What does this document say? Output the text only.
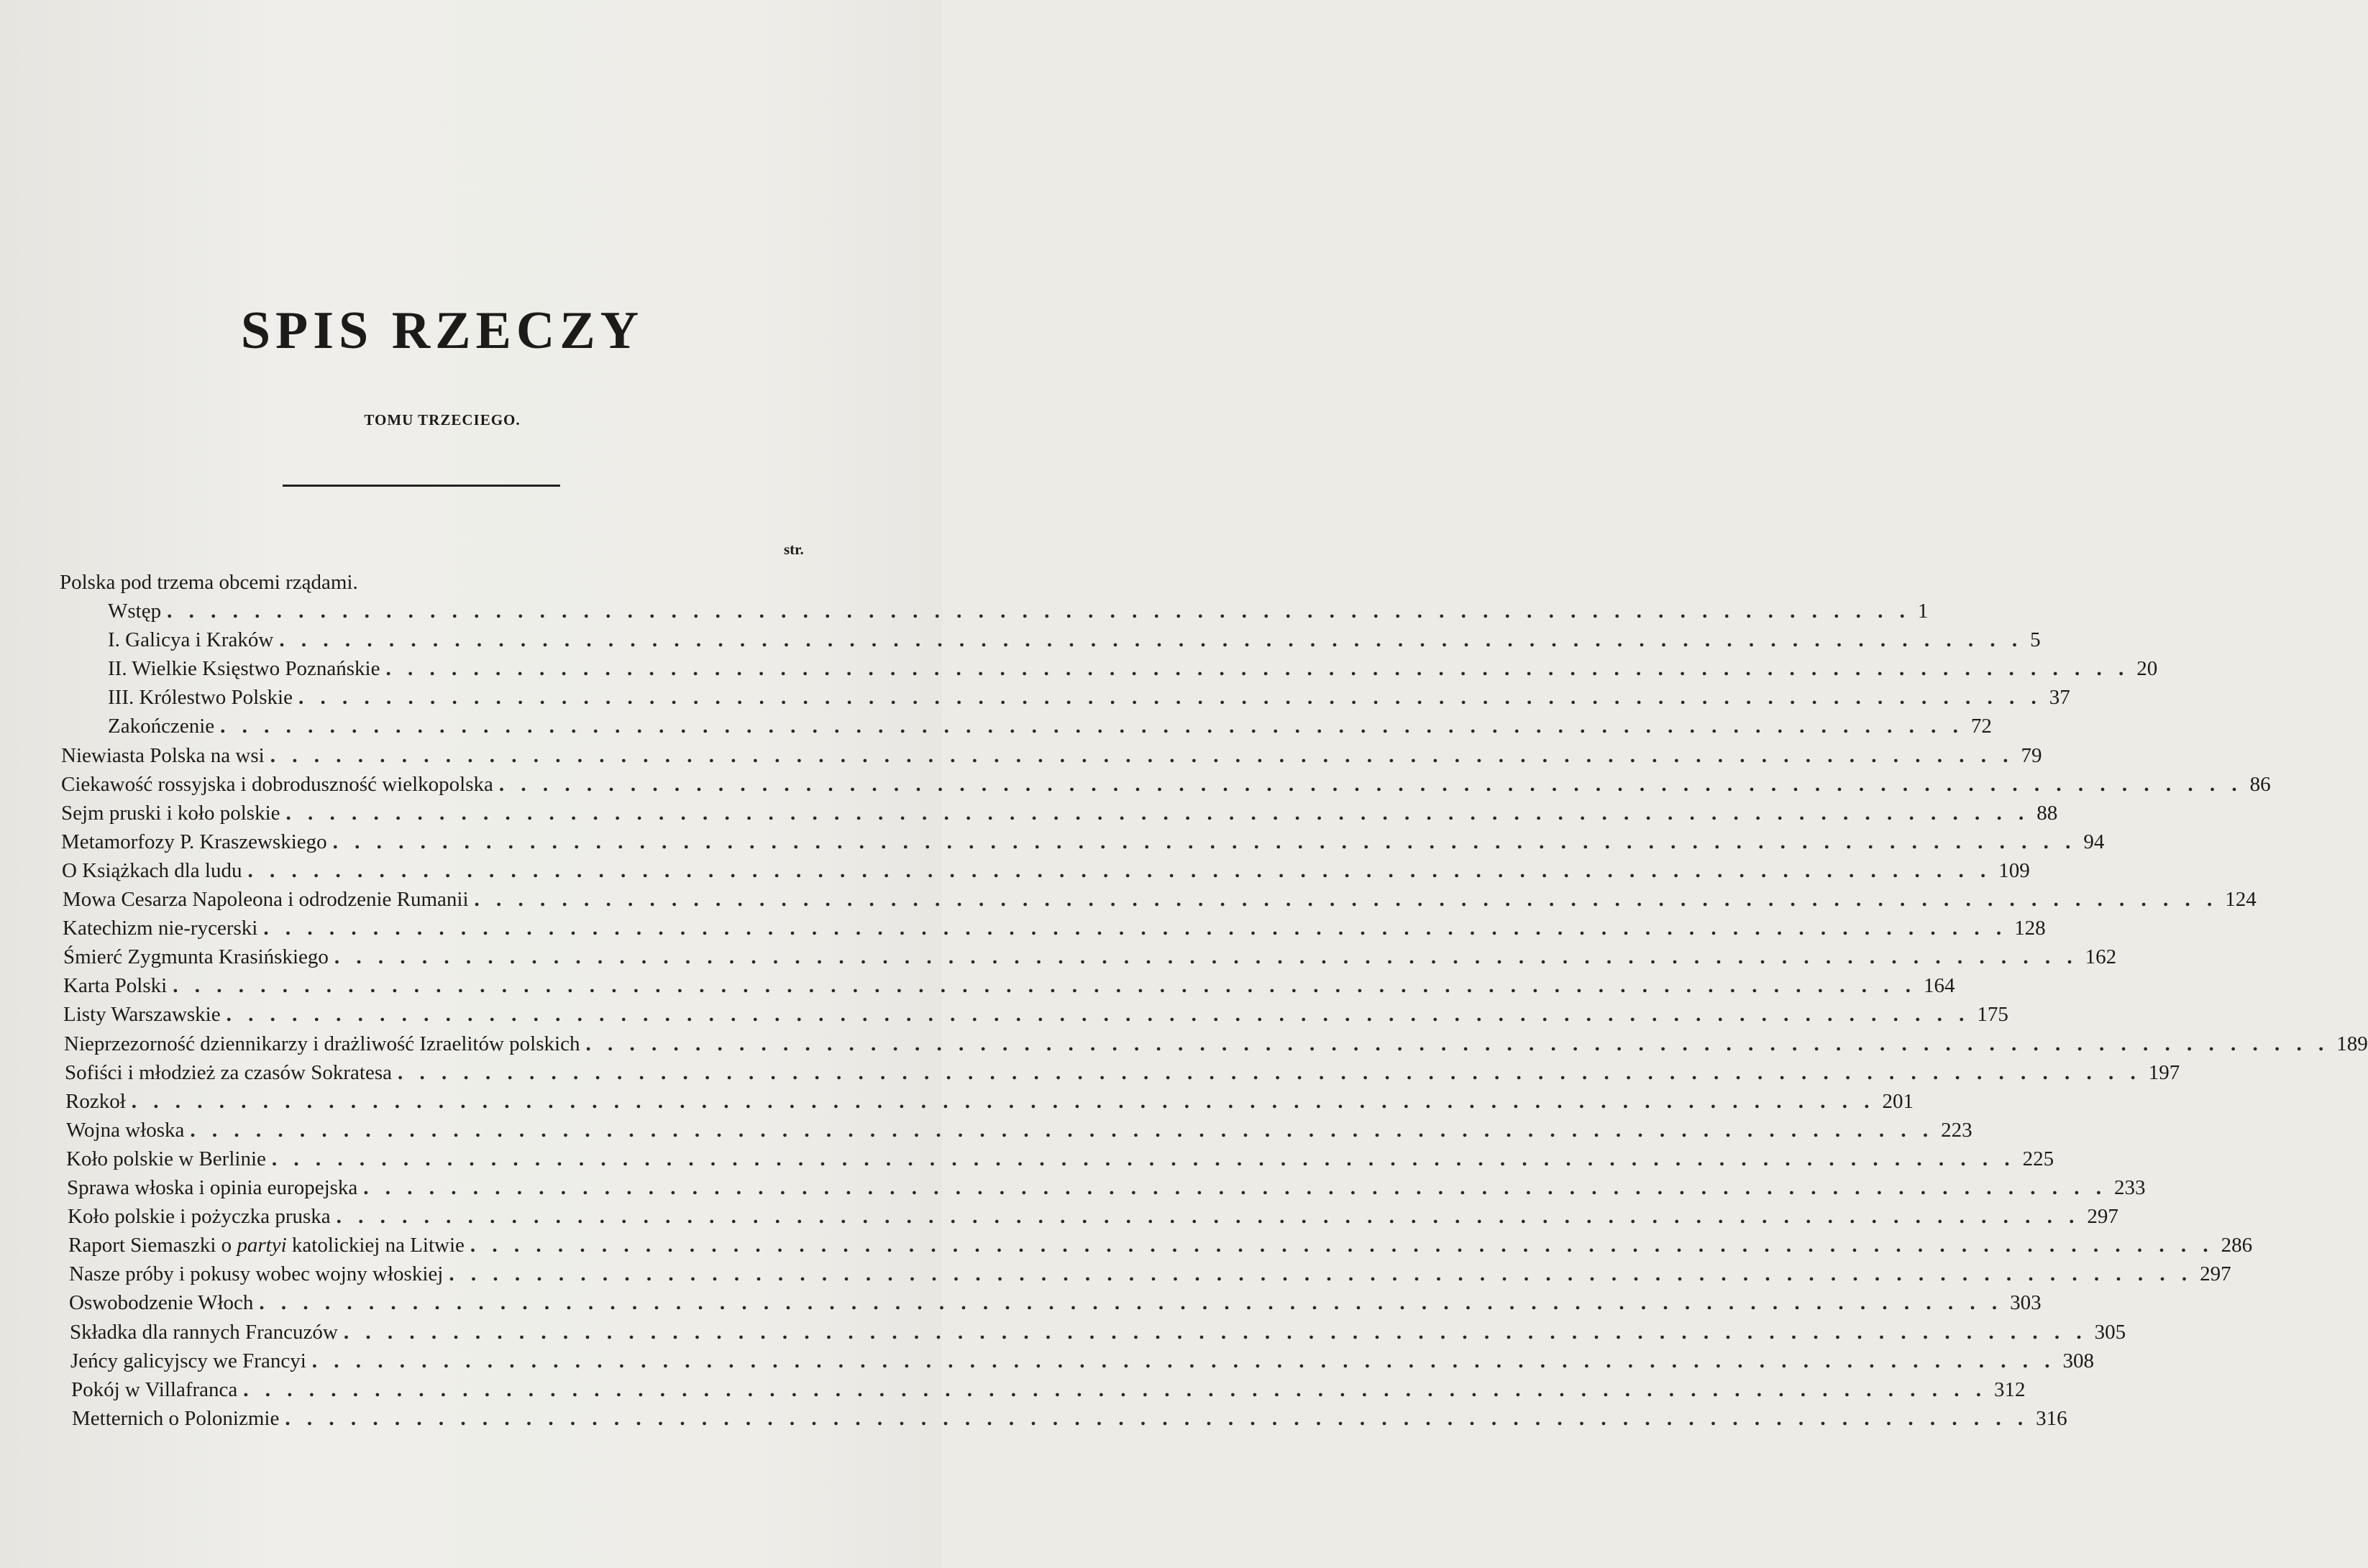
SPIS RZECZY
TOMU TRZECIEGO.
str.
Polska pod trzema obcemi rządami.
Wstęp . . . . . . . . . . . . . . . . . . . . . . . . . . . . . . . . . . . . . . . . . . . . . . . . . . . . . . . . . . . . . . . . . . . . . . . . . . . . . . . . 1
I. Galicya i Kraków . . . . . . . . . . . . . . . . . . . . . . . . . . . . . . . . . . . . . . . . . . . . . . . . . . . . . . . . . . . . . . . . . . . . . . . . . . . . . . . . 5
II. Wielkie Księstwo Poznańskie . . . . . . . . . . . . . . . . . . . . . . . . . . . . . . . . . . . . . . . . . . . . . . . . . . . . . . . . . . . . . . . . . . . . . . . . . . . . . . . . 20
III. Królestwo Polskie . . . . . . . . . . . . . . . . . . . . . . . . . . . . . . . . . . . . . . . . . . . . . . . . . . . . . . . . . . . . . . . . . . . . . . . . . . . . . . . . 37
Zakończenie . . . . . . . . . . . . . . . . . . . . . . . . . . . . . . . . . . . . . . . . . . . . . . . . . . . . . . . . . . . . . . . . . . . . . . . . . . . . . . . . 72
Niewiasta Polska na wsi . . . . . . . . . . . . . . . . . . . . . . . . . . . . . . . . . . . . . . . . . . . . . . . . . . . . . . . . . . . . . . . . . . . . . . . . . . . . . . . . 79
Ciekawość rossyjska i dobroduszność wielkopolska . . . . . . . . . . . . . . . . . . . . . . . . . . . . . . . . . . . . . . . . . . . . . . . . . . . . . . . . . . . . . . . . . . . . . . . . . . . . . . . . 86
Sejm pruski i koło polskie . . . . . . . . . . . . . . . . . . . . . . . . . . . . . . . . . . . . . . . . . . . . . . . . . . . . . . . . . . . . . . . . . . . . . . . . . . . . . . . . 88
Metamorfozy P. Kraszewskiego . . . . . . . . . . . . . . . . . . . . . . . . . . . . . . . . . . . . . . . . . . . . . . . . . . . . . . . . . . . . . . . . . . . . . . . . . . . . . . . . 94
O Książkach dla ludu . . . . . . . . . . . . . . . . . . . . . . . . . . . . . . . . . . . . . . . . . . . . . . . . . . . . . . . . . . . . . . . . . . . . . . . . . . . . . . . . 109
Mowa Cesarza Napoleona i odrodzenie Rumanii . . . . . . . . . . . . . . . . . . . . . . . . . . . . . . . . . . . . . . . . . . . . . . . . . . . . . . . . . . . . . . . . . . . . . . . . . . . . . . . . 124
Katechizm nie-rycerski . . . . . . . . . . . . . . . . . . . . . . . . . . . . . . . . . . . . . . . . . . . . . . . . . . . . . . . . . . . . . . . . . . . . . . . . . . . . . . . . 128
Śmierć Zygmunta Krasińskiego . . . . . . . . . . . . . . . . . . . . . . . . . . . . . . . . . . . . . . . . . . . . . . . . . . . . . . . . . . . . . . . . . . . . . . . . . . . . . . . . 162
Karta Polski . . . . . . . . . . . . . . . . . . . . . . . . . . . . . . . . . . . . . . . . . . . . . . . . . . . . . . . . . . . . . . . . . . . . . . . . . . . . . . . . 164
Listy Warszawskie . . . . . . . . . . . . . . . . . . . . . . . . . . . . . . . . . . . . . . . . . . . . . . . . . . . . . . . . . . . . . . . . . . . . . . . . . . . . . . . . 175
Nieprzezorność dziennikarzy i drażliwość Izraelitów polskich . . . . . . . . . . . . . . . . . . . . . . . . . . . . . . . . . . . . . . . . . . . . . . . . . . . . . . . . . . . . . . . . . . . . . . . . . . . . . . . . 189
Sofiści i młodzież za czasów Sokratesa . . . . . . . . . . . . . . . . . . . . . . . . . . . . . . . . . . . . . . . . . . . . . . . . . . . . . . . . . . . . . . . . . . . . . . . . . . . . . . . . 197
Rozkoł . . . . . . . . . . . . . . . . . . . . . . . . . . . . . . . . . . . . . . . . . . . . . . . . . . . . . . . . . . . . . . . . . . . . . . . . . . . . . . . . 201
Wojna włoska . . . . . . . . . . . . . . . . . . . . . . . . . . . . . . . . . . . . . . . . . . . . . . . . . . . . . . . . . . . . . . . . . . . . . . . . . . . . . . . . 223
Koło polskie w Berlinie . . . . . . . . . . . . . . . . . . . . . . . . . . . . . . . . . . . . . . . . . . . . . . . . . . . . . . . . . . . . . . . . . . . . . . . . . . . . . . . . 225
Sprawa włoska i opinia europejska . . . . . . . . . . . . . . . . . . . . . . . . . . . . . . . . . . . . . . . . . . . . . . . . . . . . . . . . . . . . . . . . . . . . . . . . . . . . . . . . 233
Koło polskie i pożyczka pruska . . . . . . . . . . . . . . . . . . . . . . . . . . . . . . . . . . . . . . . . . . . . . . . . . . . . . . . . . . . . . . . . . . . . . . . . . . . . . . . . 297
Raport Siemaszki o partyi katolickiej na Litwie . . . . . . . . . . . . . . . . . . . . . . . . . . . . . . . . . . . . . . . . . . . . . . . . . . . . . . . . . . . . . . . . . . . . . . . . . . . . . . . . 286
Nasze próby i pokusy wobec wojny włoskiej . . . . . . . . . . . . . . . . . . . . . . . . . . . . . . . . . . . . . . . . . . . . . . . . . . . . . . . . . . . . . . . . . . . . . . . . . . . . . . . . 297
Oswobodzenie Włoch . . . . . . . . . . . . . . . . . . . . . . . . . . . . . . . . . . . . . . . . . . . . . . . . . . . . . . . . . . . . . . . . . . . . . . . . . . . . . . . . 303
Składka dla rannych Francuzów . . . . . . . . . . . . . . . . . . . . . . . . . . . . . . . . . . . . . . . . . . . . . . . . . . . . . . . . . . . . . . . . . . . . . . . . . . . . . . . . 305
Jeńcy galicyjscy we Francyi . . . . . . . . . . . . . . . . . . . . . . . . . . . . . . . . . . . . . . . . . . . . . . . . . . . . . . . . . . . . . . . . . . . . . . . . . . . . . . . . 308
Pokój w Villafranca . . . . . . . . . . . . . . . . . . . . . . . . . . . . . . . . . . . . . . . . . . . . . . . . . . . . . . . . . . . . . . . . . . . . . . . . . . . . . . . . 312
Metternich o Polonizmie . . . . . . . . . . . . . . . . . . . . . . . . . . . . . . . . . . . . . . . . . . . . . . . . . . . . . . . . . . . . . . . . . . . . . . . . . . . . . . . . 316
